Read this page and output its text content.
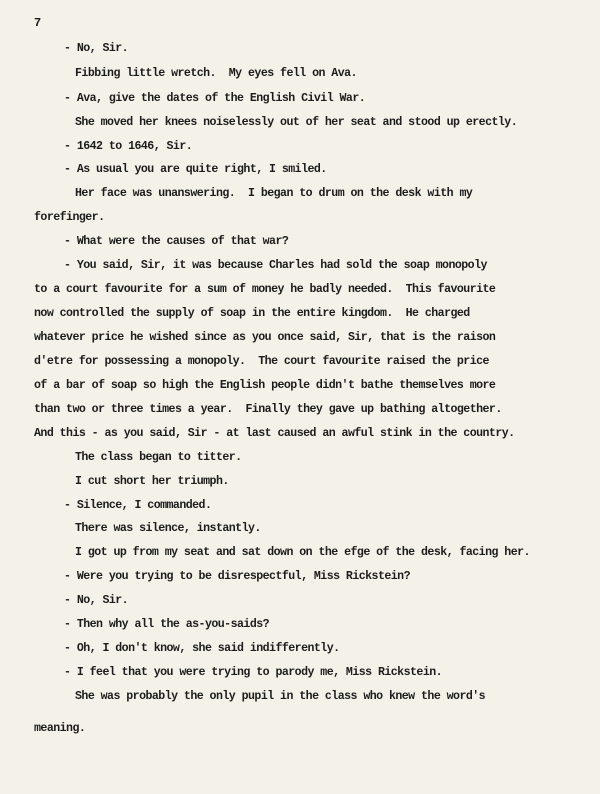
7
- No, Sir.
Fibbing little wretch.  My eyes fell on Ava.
- Ava, give the dates of the English Civil War.
She moved her knees noiselessly out of her seat and stood up erectly.
- 1642 to 1646, Sir.
- As usual you are quite right, I smiled.
Her face was unanswering.  I began to drum on the desk with my
forefinger.
- What were the causes of that war?
- You said, Sir, it was because Charles had sold the soap monopoly
to a court favourite for a sum of money he badly needed.  This favourite
now controlled the supply of soap in the entire kingdom.  He charged
whatever price he wished since as you once said, Sir, that is the raison
d'etre for possessing a monopoly.  The court favourite raised the price
of a bar of soap so high the English people didn't bathe themselves more
than two or three times a year.  Finally they gave up bathing altogether.
And this - as you said, Sir - at last caused an awful stink in the country.
The class began to titter.
I cut short her triumph.
- Silence, I commanded.
There was silence, instantly.
I got up from my seat and sat down on the efge of the desk, facing her.
- Were you trying to be disrespectful, Miss Rickstein?
- No, Sir.
- Then why all the as-you-saids?
- Oh, I don't know, she said indifferently.
- I feel that you were trying to parody me, Miss Rickstein.
She was probably the only pupil in the class who knew the word's
meaning.
